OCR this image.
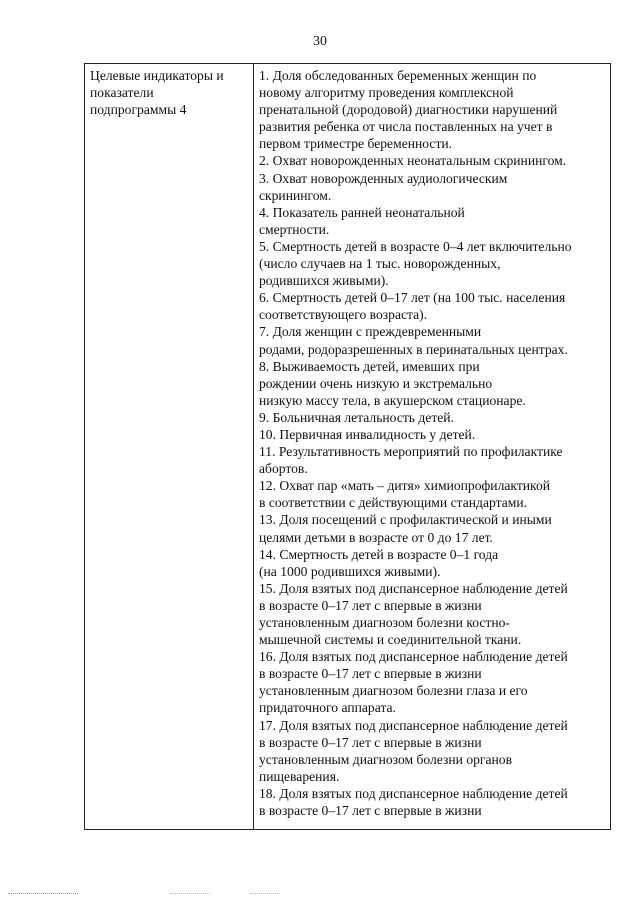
30
Целевые индикаторы и
показатели
подпрограммы 4
1. Доля обследованных беременных женщин по
новому алгоритму проведения комплексной
пренатальной (дородовой) диагностики нарушений
развития ребенка от числа поставленных на учет в
первом триместре беременности.
2. Охват новорожденных неонатальным скринингом.
3. Охват новорожденных аудиологическим
скринингом.
4. Показатель ранней неонатальной
смертности.
5. Смертность детей в возрасте 0–4 лет включительно
(число случаев на 1 тыс. новорожденных,
родившихся живыми).
6. Смертность детей 0–17 лет (на 100 тыс. населения
соответствующего возраста).
7. Доля женщин с преждевременными
родами, родоразрешенных в перинатальных центрах.
8. Выживаемость детей, имевших при
рождении очень низкую и экстремально
низкую массу тела, в акушерском стационаре.
9. Больничная летальность детей.
10. Первичная инвалидность у детей.
11. Результативность мероприятий по профилактике
абортов.
12. Охват пар «мать – дитя» химиопрофилактикой
в соответствии с действующими стандартами.
13. Доля посещений с профилактической и иными
целями детьми в возрасте от 0 до 17 лет.
14. Смертность детей в возрасте 0–1 года
(на 1000 родившихся живыми).
15. Доля взятых под диспансерное наблюдение детей
в возрасте 0–17 лет с впервые в жизни
установленным диагнозом болезни костно-
мышечной системы и соединительной ткани.
16. Доля взятых под диспансерное наблюдение детей
в возрасте 0–17 лет с впервые в жизни
установленным диагнозом болезни глаза и его
придаточного аппарата.
17. Доля взятых под диспансерное наблюдение детей
в возрасте 0–17 лет с впервые в жизни
установленным диагнозом болезни органов
пищеварения.
18. Доля взятых под диспансерное наблюдение детей
в возрасте 0–17 лет с впервые в жизни
